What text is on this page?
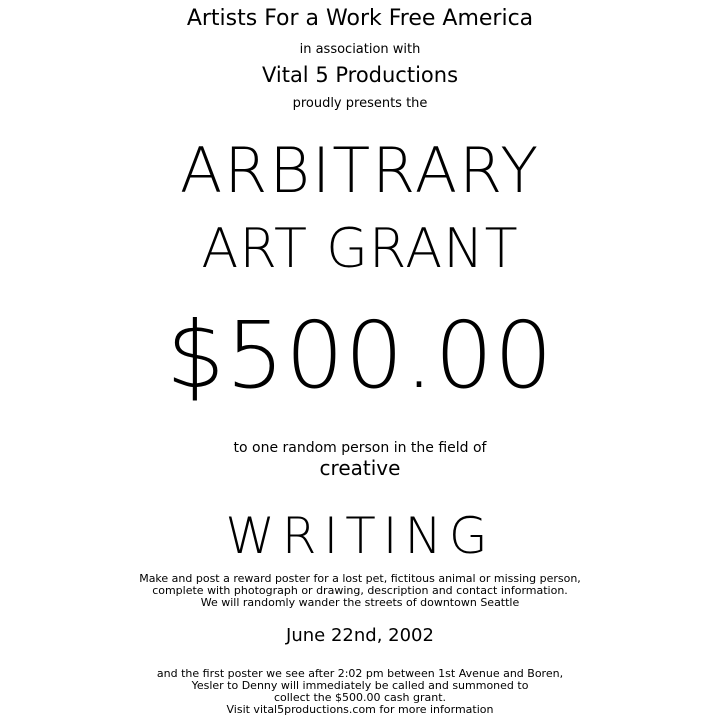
Artists For a Work Free America
in association with
Vital 5 Productions
proudly presents the
ARBITRARY
ART GRANT
$500.00
to one random person in the field of
creative
WRITING
Make and post a reward poster for a lost pet, fictitous animal or missing person,
complete with photograph or drawing, description and contact information.
We will randomly wander the streets of downtown Seattle
June 22nd, 2002
and the first poster we see after 2:02 pm between 1st Avenue and Boren,
Yesler to Denny will immediately be called and summoned to
collect the $500.00 cash grant.
Visit vital5productions.com for more information
